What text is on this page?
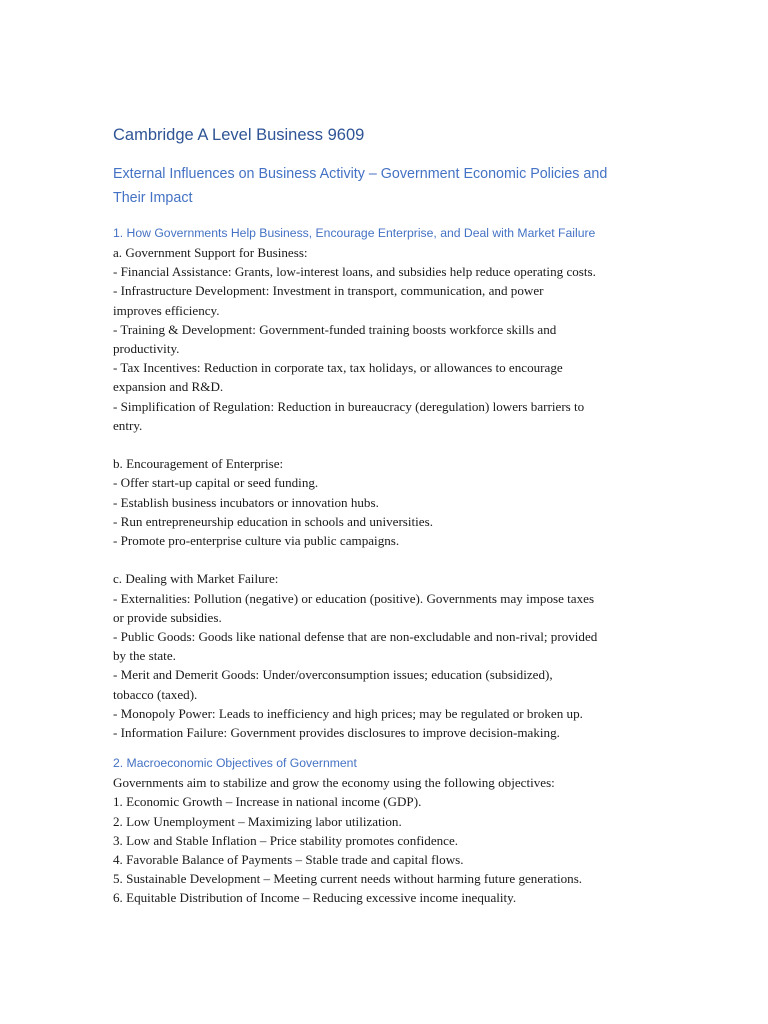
Cambridge A Level Business 9609
External Influences on Business Activity – Government Economic Policies and
Their Impact
1. How Governments Help Business, Encourage Enterprise, and Deal with Market Failure

a. Government Support for Business:

- Financial Assistance: Grants, low-interest loans, and subsidies help reduce operating costs.

- Infrastructure Development: Investment in transport, communication, and power

improves efficiency.

- Training & Development: Government-funded training boosts workforce skills and

productivity.

- Tax Incentives: Reduction in corporate tax, tax holidays, or allowances to encourage

expansion and R&D.

- Simplification of Regulation: Reduction in bureaucracy (deregulation) lowers barriers to

entry.

b. Encouragement of Enterprise:

- Offer start-up capital or seed funding.

- Establish business incubators or innovation hubs.

- Run entrepreneurship education in schools and universities.

- Promote pro-enterprise culture via public campaigns.

c. Dealing with Market Failure:

- Externalities: Pollution (negative) or education (positive). Governments may impose taxes

or provide subsidies.

- Public Goods: Goods like national defense that are non-excludable and non-rival; provided

by the state.

- Merit and Demerit Goods: Under/overconsumption issues; education (subsidized),

tobacco (taxed).

- Monopoly Power: Leads to inefficiency and high prices; may be regulated or broken up.

- Information Failure: Government provides disclosures to improve decision-making.

2. Macroeconomic Objectives of Government

Governments aim to stabilize and grow the economy using the following objectives:

1. Economic Growth – Increase in national income (GDP).

2. Low Unemployment – Maximizing labor utilization.

3. Low and Stable Inflation – Price stability promotes confidence.

4. Favorable Balance of Payments – Stable trade and capital flows.

5. Sustainable Development – Meeting current needs without harming future generations.

6. Equitable Distribution of Income – Reducing excessive income inequality.
